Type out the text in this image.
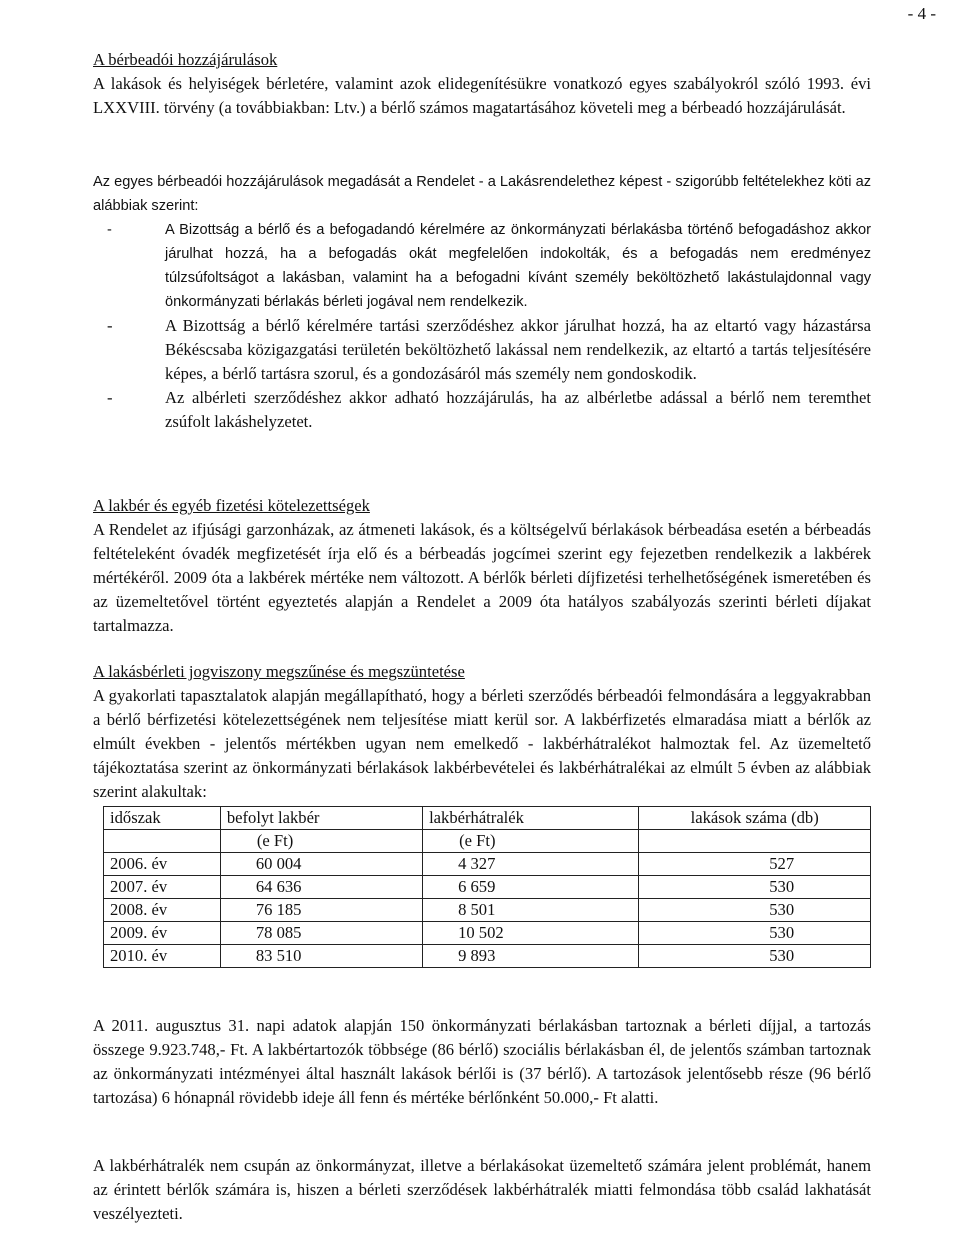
- 4 -
A bérbeadói hozzájárulások

A lakások és helyiségek bérletére, valamint azok elidegenítésükre vonatkozó egyes szabályokról szóló 1993. évi LXXVIII. törvény (a továbbiakban: Ltv.) a bérlő számos magatartásához követeli meg a bérbeadó hozzájárulását.

Az egyes bérbeadói hozzájárulások megadását a Rendelet - a Lakásrendelethez képest - szigorúbb feltételekhez köti az alábbiak szerint:

- A Bizottság a bérlő és a befogadandó kérelmére az önkormányzati bérlakásba történő befogadáshoz akkor járulhat hozzá, ha a befogadás okát megfelelően indokolták, és a befogadás nem eredményez túlzsúfoltságot a lakásban, valamint ha a befogadni kívánt személy beköltözhető lakástulajdonnal vagy önkormányzati bérlakás bérleti jogával nem rendelkezik.
- A Bizottság a bérlő kérelmére tartási szerződéshez akkor járulhat hozzá, ha az eltartó vagy házastársa Békéscsaba közigazgatási területén beköltözhető lakással nem rendelkezik, az eltartó a tartás teljesítésére képes, a bérlő tartásra szorul, és a gondozásáról más személy nem gondoskodik.
- Az albérleti szerződéshez akkor adható hozzájárulás, ha az albérletbe adással a bérlő nem teremthet zsúfolt lakáshelyzetet.
A lakbér és egyéb fizetési kötelezettségek

A Rendelet az ifjúsági garzonházak, az átmeneti lakások, és a költségelvű bérlakások bérbeadása esetén a bérbeadás feltételeként óvadék megfizetését írja elő és a bérbeadás jogcímei szerint egy fejezetben rendelkezik a lakbérek mértékéről. 2009 óta a lakbérek mértéke nem változott. A bérlők bérleti díjfizetési terhelhetőségének ismeretében és az üzemeltetővel történt egyeztetés alapján a Rendelet a 2009 óta hatályos szabályozás szerinti bérleti díjakat tartalmazza.

A lakásbérleti jogviszony megszűnése és megszüntetése

A gyakorlati tapasztalatok alapján megállapítható, hogy a bérleti szerződés bérbeadói felmondására a leggyakrabban a bérlő bérfizetési kötelezettségének nem teljesítése miatt kerül sor. A lakbérfizetés elmaradása miatt a bérlők az elmúlt években - jelentős mértékben ugyan nem emelkedő - lakbérhátralékot halmoztak fel. Az üzemeltető tájékoztatása szerint az önkormányzati bérlakások lakbérbevételei és lakbérhátralékai az elmúlt 5 évben az alábbiak szerint alakultak:

időszak	befolyt lakbér	lakbérhátralék	lakások száma (db)
	(e Ft)	(e Ft)	
2006. év	60 004	4 327	527
2007. év	64 636	6 659	530
2008. év	76 185	8 501	530
2009. év	78 085	10 502	530
2010. év	83 510	9 893	530

A 2011. augusztus 31. napi adatok alapján 150 önkormányzati bérlakásban tartoznak a bérleti díjjal, a tartozás összege 9.923.748,- Ft. A lakbértartozók többsége (86 bérlő) szociális bérlakásban él, de jelentős számban tartoznak az önkormányzati intézményei által használt lakások bérlői is (37 bérlő). A tartozások jelentősebb része (96 bérlő tartozása) 6 hónapnál rövidebb ideje áll fenn és mértéke bérlőnként 50.000,- Ft alatti.

A lakbérhátralék nem csupán az önkormányzat, illetve a bérlakásokat üzemeltető számára jelent problémát, hanem az érintett bérlők számára is, hiszen a bérleti szerződések lakbérhátralék miatti felmondása több család lakhatását veszélyezteti.
